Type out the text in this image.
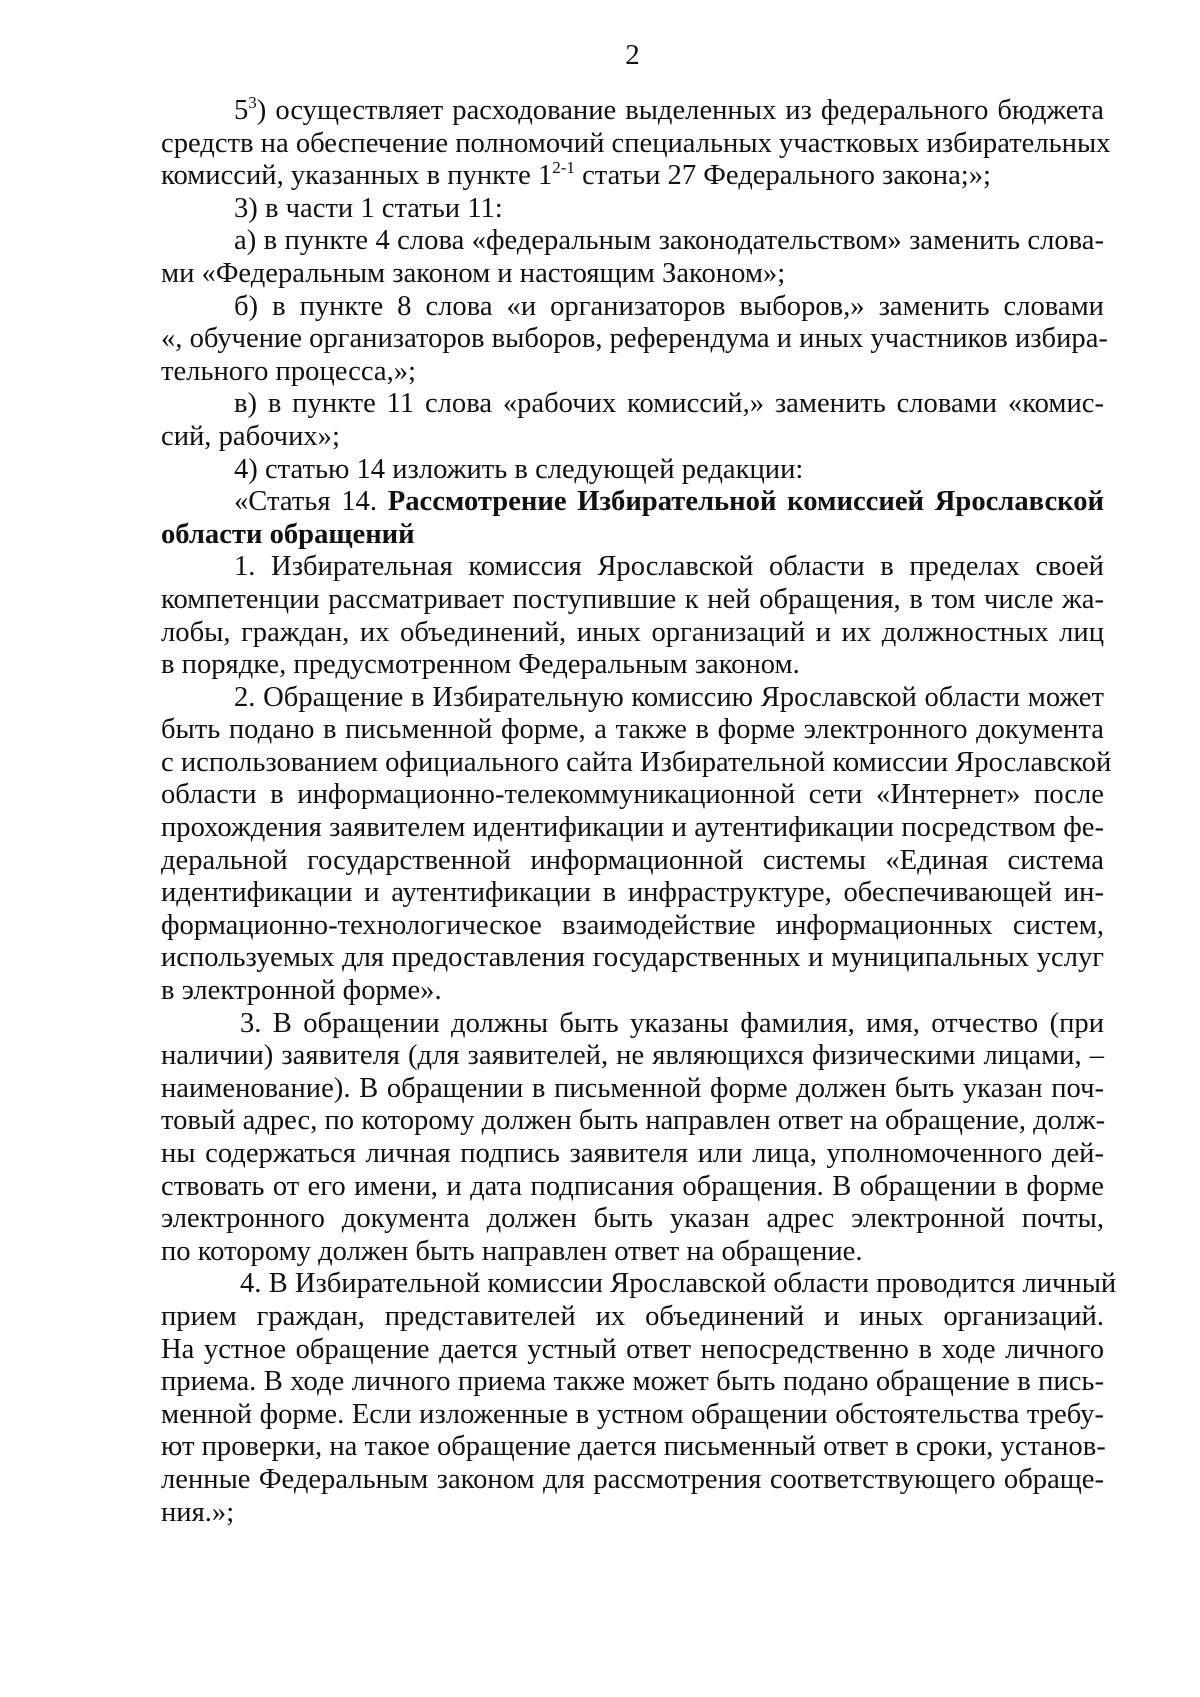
2
$5^3$) осуществляет расходование выделенных из федерального бюджета
средств на обеспечение полномочий специальных участковых избирательных
комиссий, указанных в пункте 1$^{2-1}$ статьи 27 Федерального закона;»;
3) в части 1 статьи 11:
а) в пункте 4 слова «федеральным законодательством» заменить слова-
ми «Федеральным законом и настоящим Законом»;
б) в пункте 8 слова «и организаторов выборов,» заменить словами
«, обучение организаторов выборов, референдума и иных участников избира-
тельного процесса,»;
в) в пункте 11 слова «рабочих комиссий,» заменить словами «комис-
сий, рабочих»;
4) статью 14 изложить в следующей редакции:
«Статья 14. Рассмотрение Избирательной комиссией Ярославской
области обращений
1. Избирательная комиссия Ярославской области в пределах своей
компетенции рассматривает поступившие к ней обращения, в том числе жа-
лобы, граждан, их объединений, иных организаций и их должностных лиц
в порядке, предусмотренном Федеральным законом.
2. Обращение в Избирательную комиссию Ярославской области может
быть подано в письменной форме, а также в форме электронного документа
с использованием официального сайта Избирательной комиссии Ярославской
области в информационно-телекоммуникационной сети «Интернет» после
прохождения заявителем идентификации и аутентификации посредством фе-
деральной государственной информационной системы «Единая система
идентификации и аутентификации в инфраструктуре, обеспечивающей ин-
формационно-технологическое взаимодействие информационных систем,
используемых для предоставления государственных и муниципальных услуг
в электронной форме».
3. В обращении должны быть указаны фамилия, имя, отчество (при
наличии) заявителя (для заявителей, не являющихся физическими лицами, –
наименование). В обращении в письменной форме должен быть указан поч-
товый адрес, по которому должен быть направлен ответ на обращение, долж-
ны содержаться личная подпись заявителя или лица, уполномоченного дей-
ствовать от его имени, и дата подписания обращения. В обращении в форме
электронного документа должен быть указан адрес электронной почты,
по которому должен быть направлен ответ на обращение.
4. В Избирательной комиссии Ярославской области проводится личный
прием граждан, представителей их объединений и иных организаций.
На устное обращение дается устный ответ непосредственно в ходе личного
приема. В ходе личного приема также может быть подано обращение в пись-
менной форме. Если изложенные в устном обращении обстоятельства требу-
ют проверки, на такое обращение дается письменный ответ в сроки, установ-
ленные Федеральным законом для рассмотрения соответствующего обраще-
ния.»;
